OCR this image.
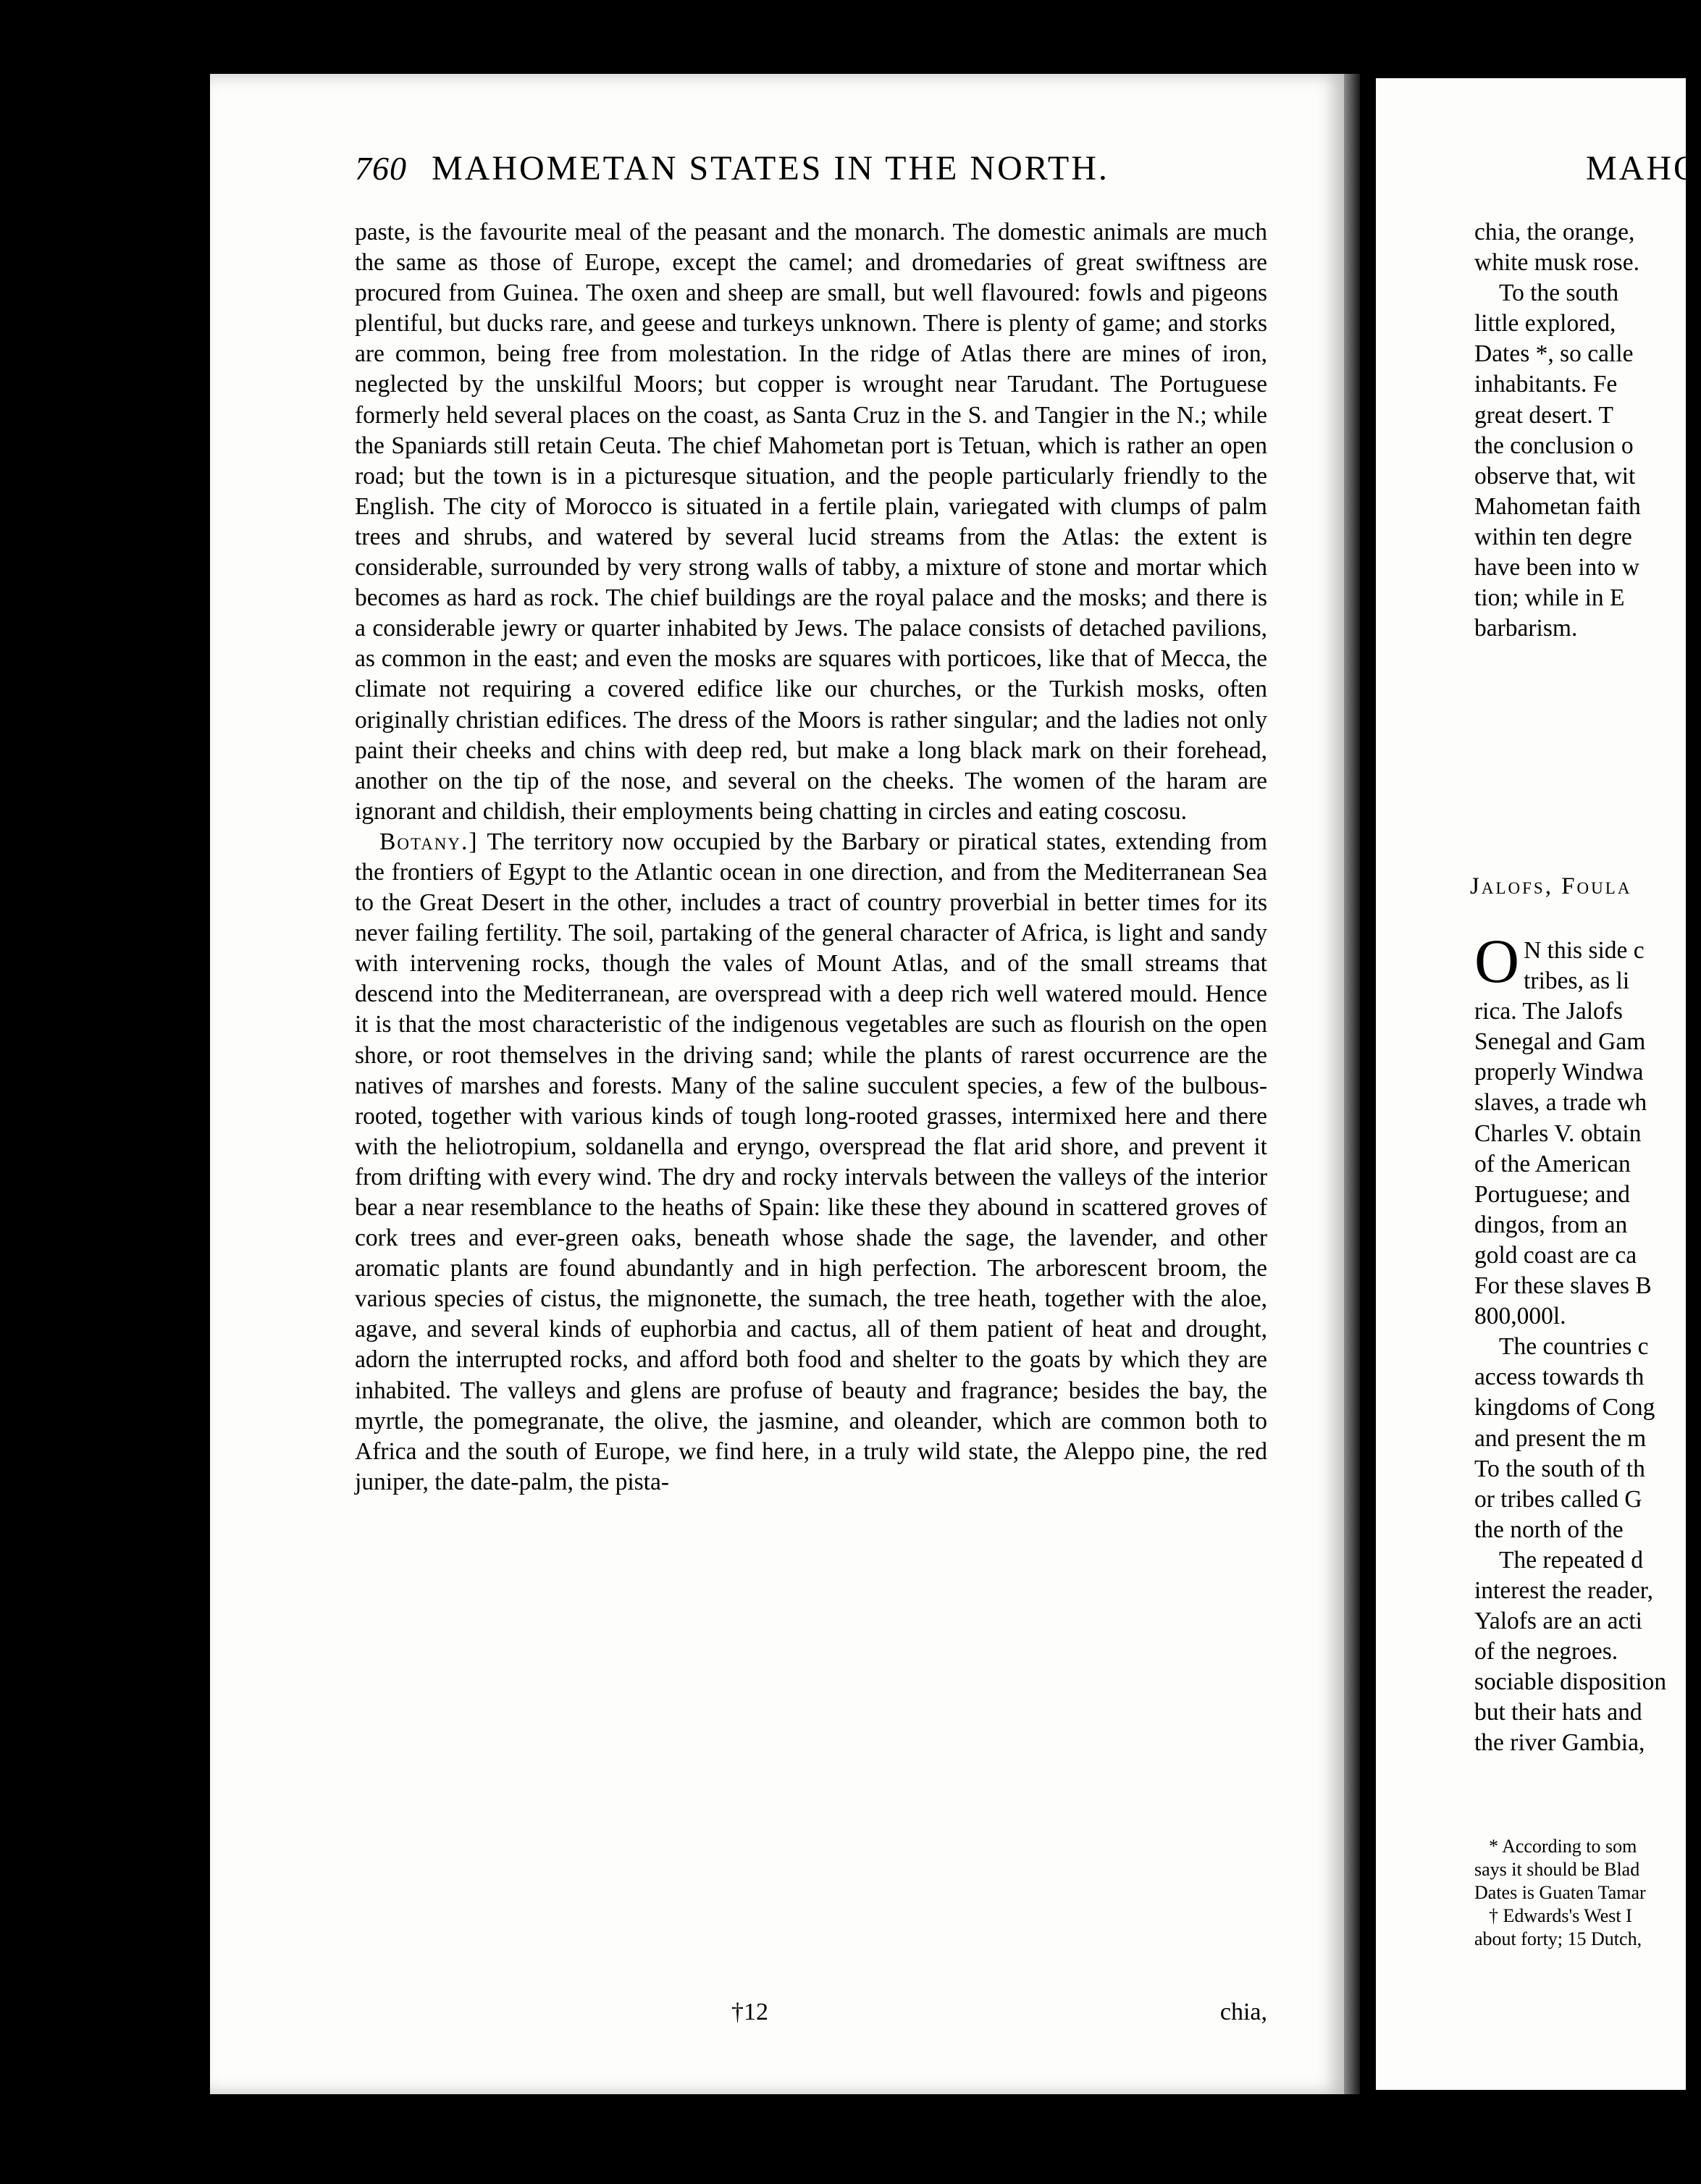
760 MAHOMETAN STATES IN THE NORTH.

paste, is the favourite meal of the peasant and the monarch. The domestic animals are much the same as those of Europe, except the camel; and dromedaries of great swiftness are procured from Guinea. The oxen and sheep are small, but well flavoured: fowls and pigeons plentiful, but ducks rare, and geese and turkeys unknown. There is plenty of game; and storks are common, being free from molestation. In the ridge of Atlas there are mines of iron, neglected by the unskilful Moors; but copper is wrought near Tarudant. The Portuguese formerly held several places on the coast, as Santa Cruz in the S. and Tangier in the N.; while the Spaniards still retain Ceuta. The chief Mahometan port is Tetuan, which is rather an open road; but the town is in a picturesque situation, and the people particularly friendly to the English. The city of Morocco is situated in a fertile plain, variegated with clumps of palm trees and shrubs, and watered by several lucid streams from the Atlas: the extent is considerable, surrounded by very strong walls of tabby, a mixture of stone and mortar which becomes as hard as rock. The chief buildings are the royal palace and the mosks; and there is a considerable jewry or quarter inhabited by Jews. The palace consists of detached pavilions, as common in the east; and even the mosks are squares with porticoes, like that of Mecca, the climate not requiring a covered edifice like our churches, or the Turkish mosks, often originally christian edifices. The dress of the Moors is rather singular; and the ladies not only paint their cheeks and chins with deep red, but make a long black mark on their forehead, another on the tip of the nose, and several on the cheeks. The women of the haram are ignorant and childish, their employments being chatting in circles and eating coscosu.

Botany.] The territory now occupied by the Barbary or piratical states, extending from the frontiers of Egypt to the Atlantic ocean in one direction, and from the Mediterranean Sea to the Great Desert in the other, includes a tract of country proverbial in better times for its never failing fertility. The soil, partaking of the general character of Africa, is light and sandy with intervening rocks, though the vales of Mount Atlas, and of the small streams that descend into the Mediterranean, are overspread with a deep rich well watered mould. Hence it is that the most characteristic of the indigenous vegetables are such as flourish on the open shore, or root themselves in the driving sand; while the plants of rarest occurrence are the natives of marshes and forests. Many of the saline succulent species, a few of the bulbous-rooted, together with various kinds of tough long-rooted grasses, intermixed here and there with the heliotropium, soldanella and eryngo, overspread the flat arid shore, and prevent it from drifting with every wind. The dry and rocky intervals between the valleys of the interior bear a near resemblance to the heaths of Spain: like these they abound in scattered groves of cork trees and ever-green oaks, beneath whose shade the sage, the lavender, and other aromatic plants are found abundantly and in high perfection. The arborescent broom, the various species of cistus, the mignonette, the sumach, the tree heath, together with the aloe, agave, and several kinds of euphorbia and cactus, all of them patient of heat and drought, adorn the interrupted rocks, and afford both food and shelter to the goats by which they are inhabited. The valleys and glens are profuse of beauty and fragrance; besides the bay, the myrtle, the pomegranate, the olive, the jasmine, and oleander, which are common both to Africa and the south of Europe, we find here, in a truly wild state, the Aleppo pine, the red juniper, the date-palm, the pista-

†12	chia,
MAHO
chia, the orange,
white musk rose.
To the south
little explored,
Dates *, so calle
inhabitants. Fe
great desert. T
the conclusion o
observe that, wit
Mahometan faith
within ten degre
have been into w
tion; while in E
barbarism.
Jalofs, Foula
O N this side c
tribes, as li
rica. The Jalofs
Senegal and Gam
properly Windwa
slaves, a trade wh
Charles V. obtain
of the American
Portuguese; and
dingos, from an
gold coast are ca
For these slaves B
800,000l.
The countries c
access towards th
kingdoms of Cong
and present the m
To the south of th
or tribes called G
the north of the
The repeated d
interest the reader,
Yalofs are an acti
of the negroes.
sociable disposition
but their hats and
the river Gambia,
* According to som
says it should be Blad
Dates is Guaten Tamar
† Edwards's West I
about forty; 15 Dutch,
